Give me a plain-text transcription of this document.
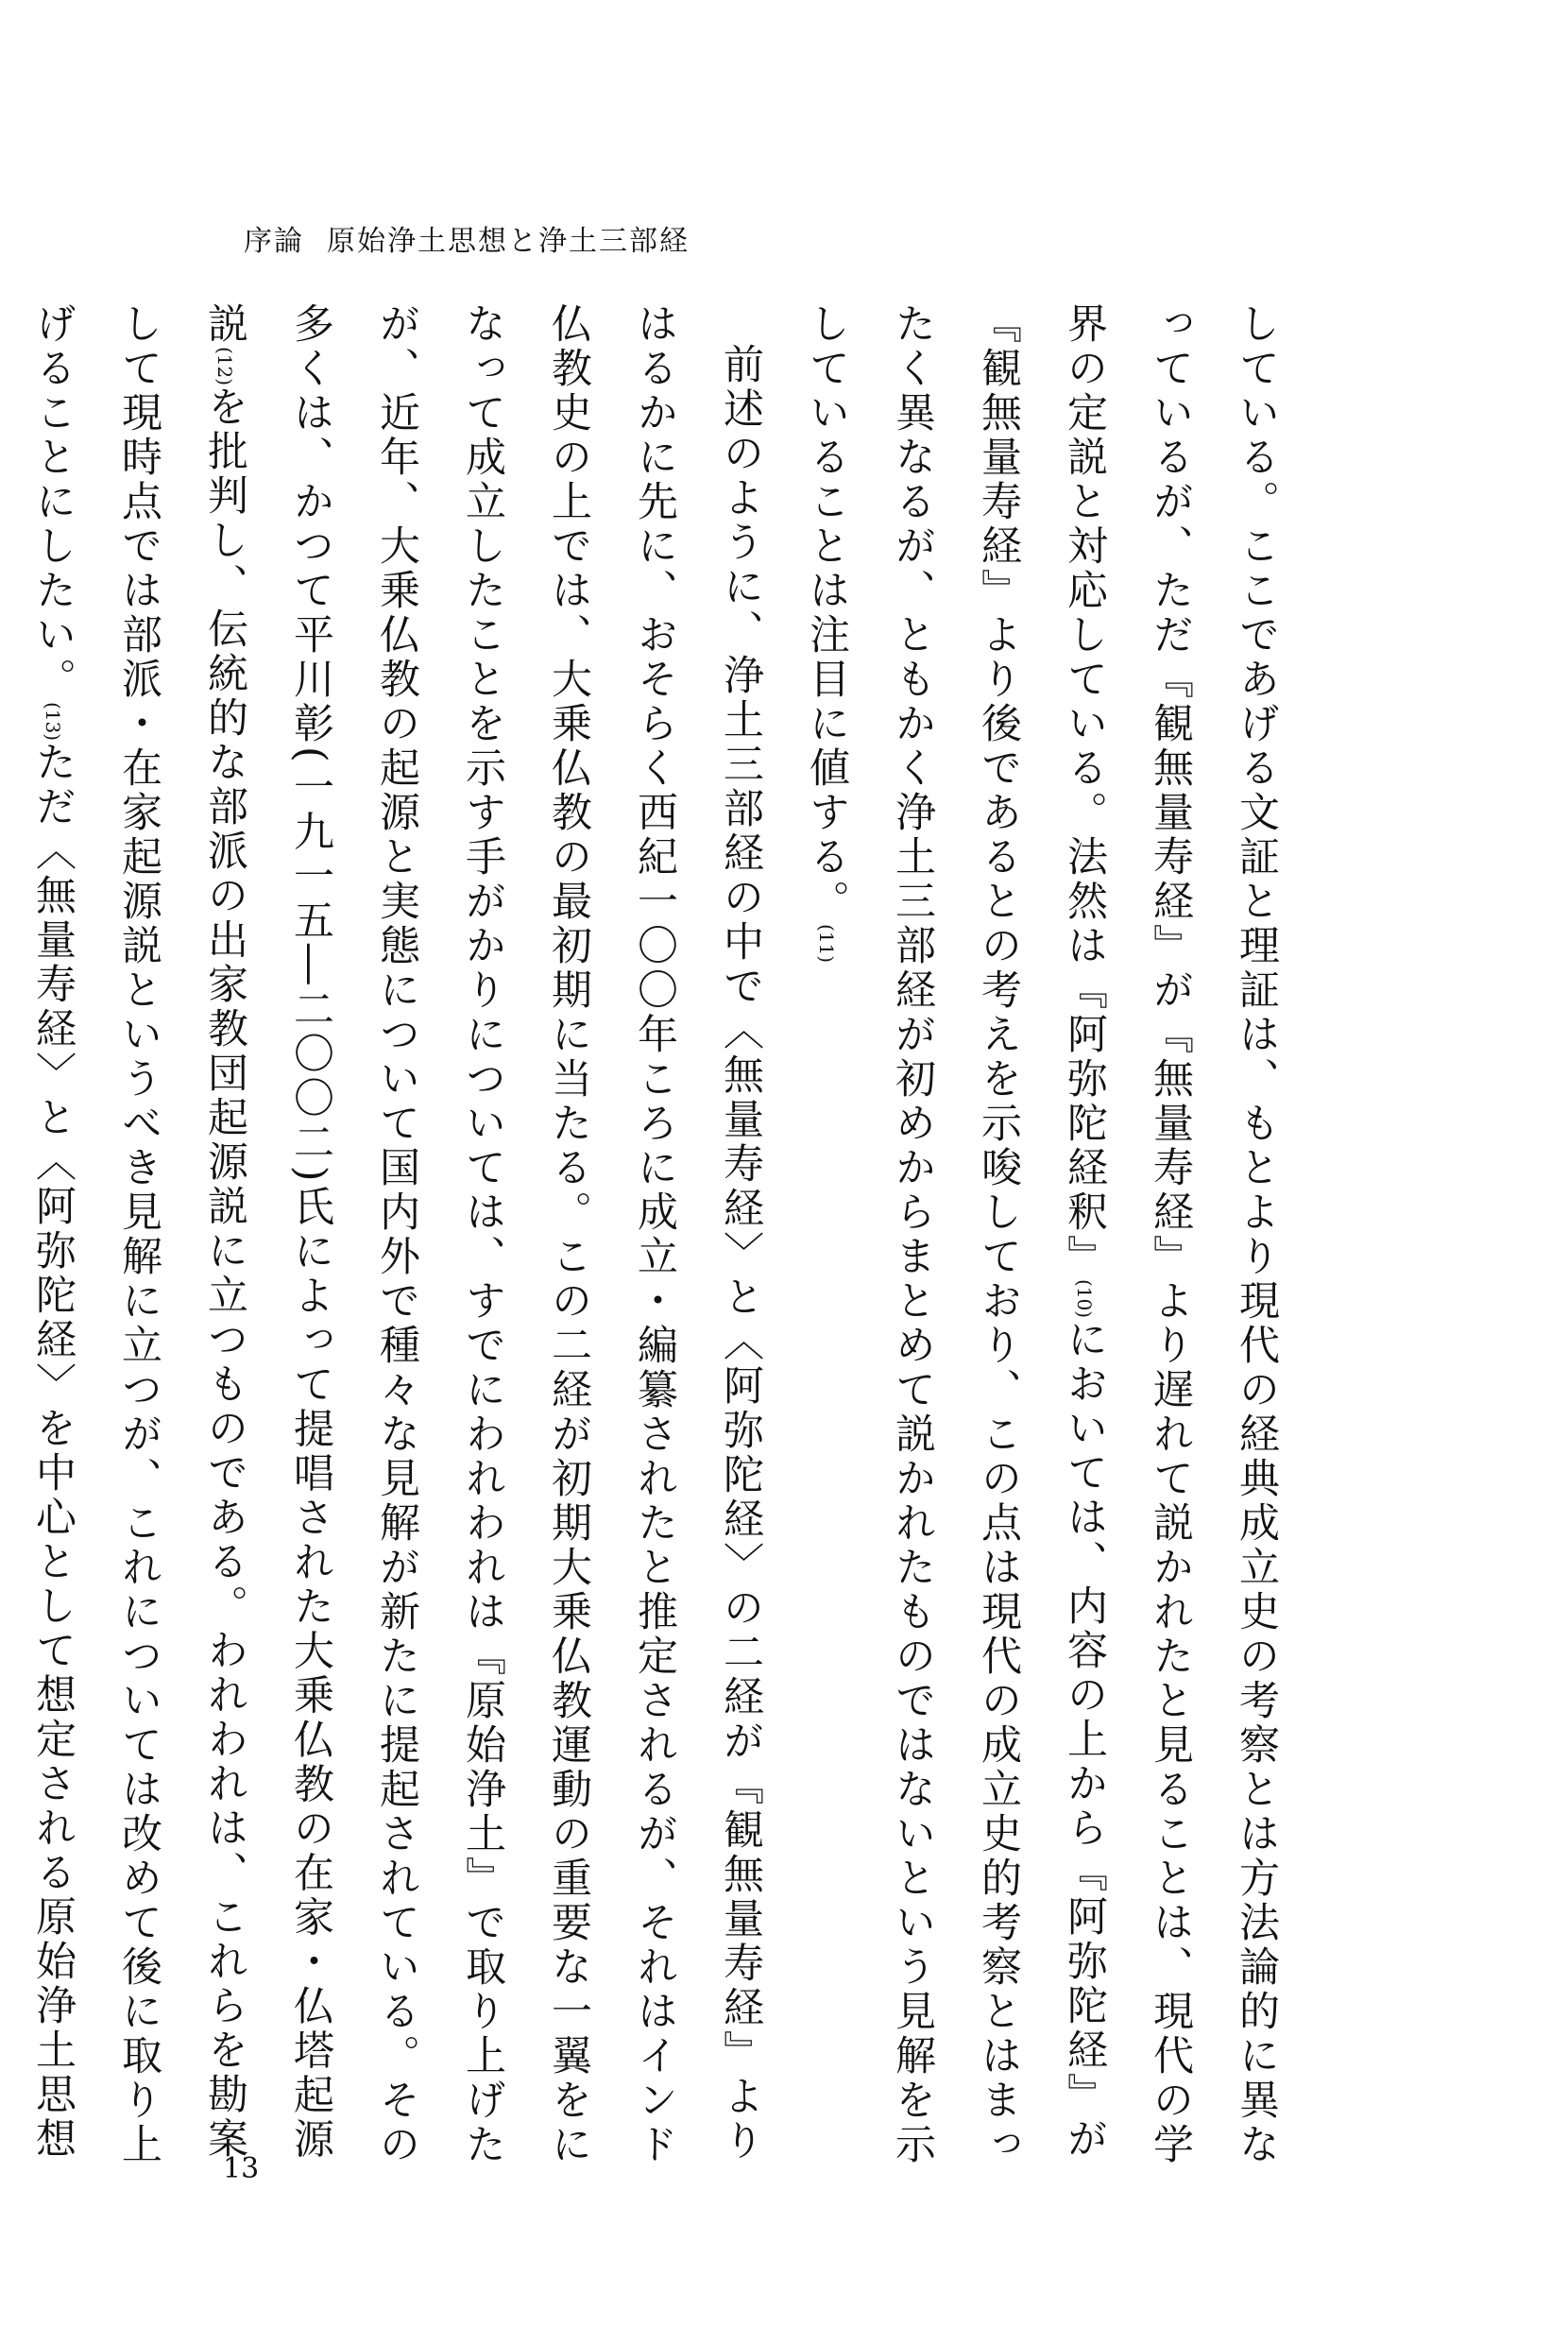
序論 原始浄土思想と浄土三部経

している。ここであげる文証と理証は、もとより現代の経典成立史の考察とは方法論的に異なっているが、ただ『観無量寿経』が『無量寿経』より遅れて説かれたと見ることは、現代の学界の定説と対応している。法然は『阿弥陀経釈』(10)においては、内容の上から『阿弥陀経』が『観無量寿経』より後であるとの考えを示唆しており、この点は現代の成立史的考察とはまったく異なるが、ともかく浄土三部経が初めからまとめて説かれたものではないという見解を示していることは注目に値する。(11)

前述のように、浄土三部経の中で〈無量寿経〉と〈阿弥陀経〉の二経が『観無量寿経』よりはるかに先に、おそらく西紀一〇〇年ころに成立・編纂されたと推定されるが、それはインド仏教史の上では、大乗仏教の最初期に当たる。この二経が初期大乗仏教運動の重要な一翼をになって成立したことを示す手がかりについては、すでにわれわれは『原始浄土』で取り上げたが、近年、大乗仏教の起源と実態について国内外で種々な見解が新たに提起されている。その多くは、かつて平川彰(一九一五―二〇〇二)氏によって提唱された大乗仏教の在家・仏塔起源説(12)を批判し、伝統的な部派の出家教団起源説に立つものである。われわれは、これらを勘案して現時点では部派・在家起源説というべき見解に立つが、これについては改めて後に取り上げることにしたい。(13)ただ〈無量寿経〉と〈阿弥陀経〉を中心として想定される原始浄土思想

13
